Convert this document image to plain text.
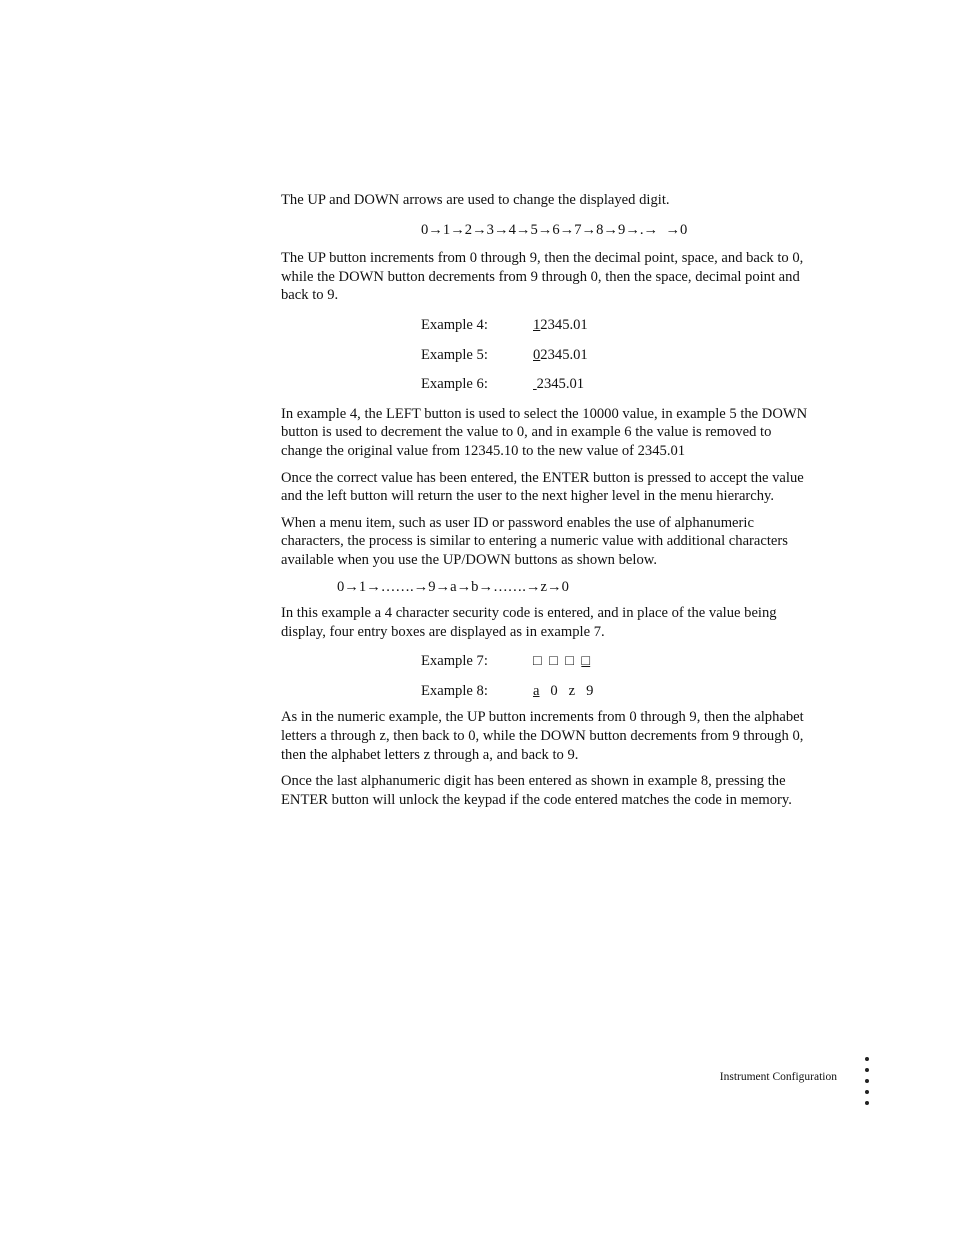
The UP and DOWN arrows are used to change the displayed digit.

0→1→2→3→4→5→6→7→8→9→.→  →0

The UP button increments from 0 through 9, then the decimal point, space, and back to 0, while the DOWN button decrements from 9 through 0, then the space, decimal point and back to 9.

Example 4:	12345.01
Example 5:	02345.01
Example 6:	2345.01

In example 4, the LEFT button is used to select the 10000 value, in example 5 the DOWN button is used to decrement the value to 0, and in example 6 the value is removed to change the original value from 12345.10 to the new value of 2345.01

Once the correct value has been entered, the ENTER button is pressed to accept the value and the left button will return the user to the next higher level in the menu hierarchy.

When a menu item, such as user ID or password enables the use of alphanumeric characters, the process is similar to entering a numeric value with additional characters available when you use the UP/DOWN buttons as shown below.

0→1→…….→9→a→b→…….→z→0

In this example a 4 character security code is entered, and in place of the value being display, four entry boxes are displayed as in example 7.

Example 7:	□  □  □  □
Example 8:	a   0   z   9

As in the numeric example, the UP button increments from 0 through 9, then the alphabet letters a through z, then back to 0, while the DOWN button decrements from 9 through 0, then the alphabet letters z through a, and back to 9.

Once the last alphanumeric digit has been entered as shown in example 8, pressing the ENTER button will unlock the keypad if the code entered matches the code in memory.

Instrument Configuration
